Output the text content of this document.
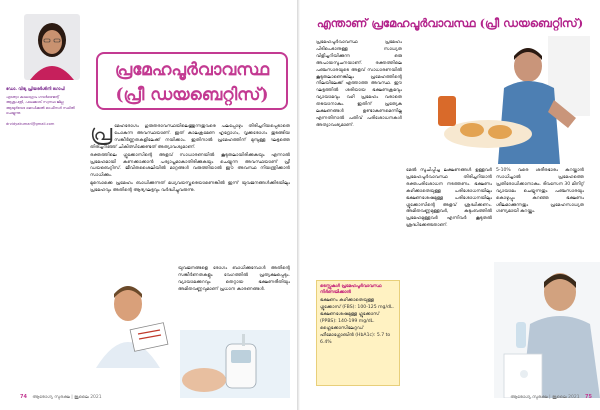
ഡോ. വിദ്യ പ്രിയദർശിനി ഗോപി
എടത്വാ കാലാഗ്രാം ഗവർണ്മെന്റ് ആശുപത്രി, പാലക്കാട് സ്വസ്ഥ ജില്ല ആയുർവേദ മെഡിക്കൽ ഓഫീസർ സ്ഥിതി ചെയ്യുന്നു
drvidyakumari@gmail.com
പ്രമേഹപൂർവാവസ്ഥ
(പ്രീ ഡയബെറ്റിസ്)
പ്ര മേഹരോഗം ഗുരുതരാവസ്ഥയിലെത്തുന്നതുവരെ പലപ്പോഴും തിരിച്ചറിയപ്പെടാതെ പോകുന്ന അവസ്ഥയാണ്. ഇത് കാലക്രമേണ ഹൃദ്രോഗം, വൃക്കരോഗം തുടങ്ങിയ സങ്കീർണ്ണതകളിലേക്ക് നയിക്കാം. ഇതിനാൽ പ്രമേഹത്തിന് മുമ്പുള്ള ഘട്ടത്തെ തിരിച്ചറിഞ്ഞ് ചികിത്സിക്കേണ്ടത് അത്യാവശ്യമാണ്.

രക്തത്തിലെ ഗ്ലൂക്കോസിന്റെ അളവ് സാധാരണയിൽ കൂടുതലായിരിക്കുകയും എന്നാൽ പ്രമേഹമായി കണക്കാക്കാൻ പര്യാപ്തമാകാതിരിക്കുകയും ചെയ്യുന്ന അവസ്ഥയാണ് പ്രീ ഡയബെറ്റിസ്. ജീവിതശൈലിയിൽ മാറ്റങ്ങൾ വരുത്തിയാൽ ഈ അവസ്ഥ നിയന്ത്രിക്കാൻ സാധിക്കും.

മുമ്പൊക്കെ പ്രമേഹം ബാധിക്കുന്നത് മധ്യവയസ്കരെയാണെങ്കിൽ ഇന്ന് യുവജനങ്ങൾക്കിടയിലും പ്രമേഹവും അതിന്റെ ആദ്യഘട്ടവും വർദ്ധിച്ചുവരുന്നു.

യുവജനങ്ങളെ രോഗം ബാധിക്കുമ്പോൾ അതിന്റെ സങ്കീർണതകളും വേഗത്തിൽ പ്രത്യക്ഷപ്പെടും. വ്യായാമക്കുറവും തെറ്റായ ഭക്ഷണരീതിയും അമിതവണ്ണവുമാണ് പ്രധാന കാരണങ്ങൾ.
74 ആരോഗ്യ സുരക്ഷ | ജൂലൈ 2021
എന്താണ് പ്രമേഹപൂർവാവസ്ഥ (പ്രീ ഡയബെറ്റിസ്)
പ്രമേഹപൂർവാവസ്ഥ പ്രമേഹം പിടിപെടാനുള്ള സാധ്യത വിളിച്ചറിയിക്കുന്ന ഒരു അപായസൂചനയാണ്. രക്തത്തിലെ പഞ്ചസാരയുടെ അളവ് സാധാരണയിൽ കൂടുതലാണെങ്കിലും പ്രമേഹത്തിന്റെ നിലയിലേക്ക് എത്താത്ത അവസ്ഥ. ഈ ഘട്ടത്തിൽ ശരിയായ ഭക്ഷണക്രമവും വ്യായാമവും വഴി പ്രമേഹം വരാതെ തടയാനാകും. ഇതിന് പ്രത്യേക ലക്ഷണങ്ങൾ ഉണ്ടാകണമെന്നില്ല എന്നതിനാൽ പതിവ് പരിശോധനകൾ അത്യാവശ്യമാണ്.
മേൽ സൂചിപ്പിച്ച ലക്ഷണങ്ങൾ ഉള്ളവർ പ്രമേഹപൂർവാവസ്ഥ തിരിച്ചറിയാൻ രക്തപരിശോധന നടത്തണം. ഭക്ഷണം കഴിക്കാതെയുള്ള പരിശോധനയിലും ഭക്ഷണശേഷമുള്ള പരിശോധനയിലും ഗ്ലൂക്കോസിന്റെ അളവ് ശ്രദ്ധിക്കണം. അമിതവണ്ണമുള്ളവർ, കുടുംബത്തിൽ പ്രമേഹമുള്ളവർ എന്നിവർ കൂടുതൽ ശ്രദ്ധിക്കേണ്ടതാണ്.
5-10% വരെ ശരീരഭാരം കുറയ്ക്കാൻ സാധിച്ചാൽ പ്രമേഹത്തെ പ്രതിരോധിക്കാനാകും. ദിവസേന 30 മിനിറ്റ് വ്യായാമം ചെയ്യുന്നതും പഞ്ചസാരയും കൊഴുപ്പും കുറഞ്ഞ ഭക്ഷണം ശീലമാക്കുന്നതും പ്രമേഹസാധ്യത ഗണ്യമായി കുറയ്ക്കും.
ടെസ്റ്റുകൾ പ്രമേഹപൂർവാവസ്ഥ നിർണയിക്കാൻ
ഭക്ഷണം കഴിക്കാതെയുള്ള ഗ്ലൂക്കോസ് (FBS): 100-125 mg/dL. ഭക്ഷണശേഷമുള്ള ഗ്ലൂക്കോസ് (PPBS): 140-199 mg/dL. ഗ്ലൈക്കോസിലേറ്റഡ് ഹീമോഗ്ലോബിൻ (HbA1c): 5.7 to 6.4%
ആരോഗ്യ സുരക്ഷ | ജൂലൈ 2021 75
